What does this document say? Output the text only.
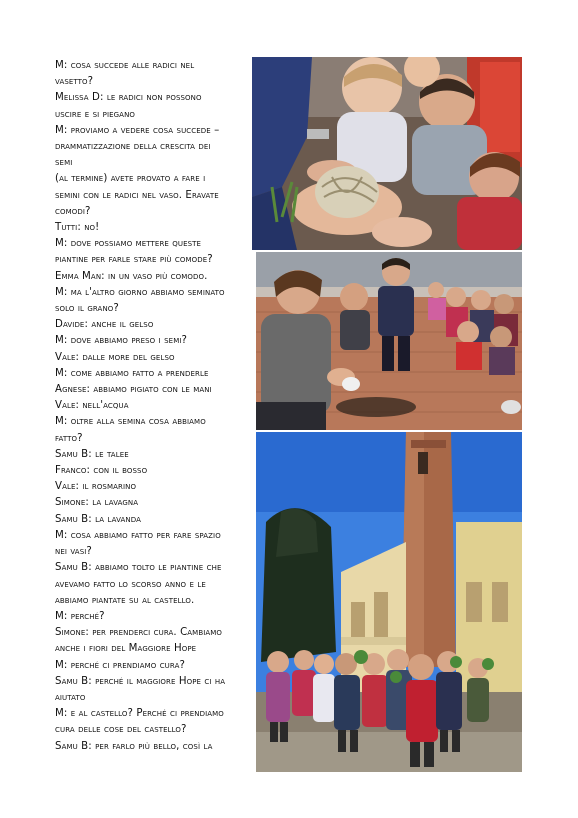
M: cosa succede alle radici nel
vasetto?
Melissa D: le radici non possono
uscire e si piegano
M: proviamo a vedere cosa succede –
drammatizzazione della crescita dei
semi
(al termine) avete provato a fare i
semini con le radici nel vaso. Eravate
comodi?
Tutti: no!
M: dove possiamo mettere queste
piantine per farle stare più comode?
Emma Man: in un vaso più comodo.
M: ma l'altro giorno abbiamo seminato
solo il grano?
Davide: anche il gelso
M: dove abbiamo preso i semi?
Vale: dalle more del gelso
M: come abbiamo fatto a prenderle
Agnese: abbiamo pigiato con le mani
Vale: nell'acqua
M: oltre alla semina cosa abbiamo
fatto?
Samu B: le talee
Franco: con il bosso
Vale: il rosmarino
Simone: la lavagna
Samu B: la lavanda
M: cosa abbiamo fatto per fare spazio
nei vasi?
Samu B: abbiamo tolto le piantine che
avevamo fatto lo scorso anno e le
abbiamo piantate su al castello.
M: perché?
Simone: per prenderci cura. Cambiamo
anche i fiori del Maggiore Hope
M: perché ci prendiamo cura?
Samu B: perché il maggiore Hope ci ha
aiutato
M: e al castello? Perché ci prendiamo
cura delle cose del castello?
Samu B: per farlo più bello, così la
